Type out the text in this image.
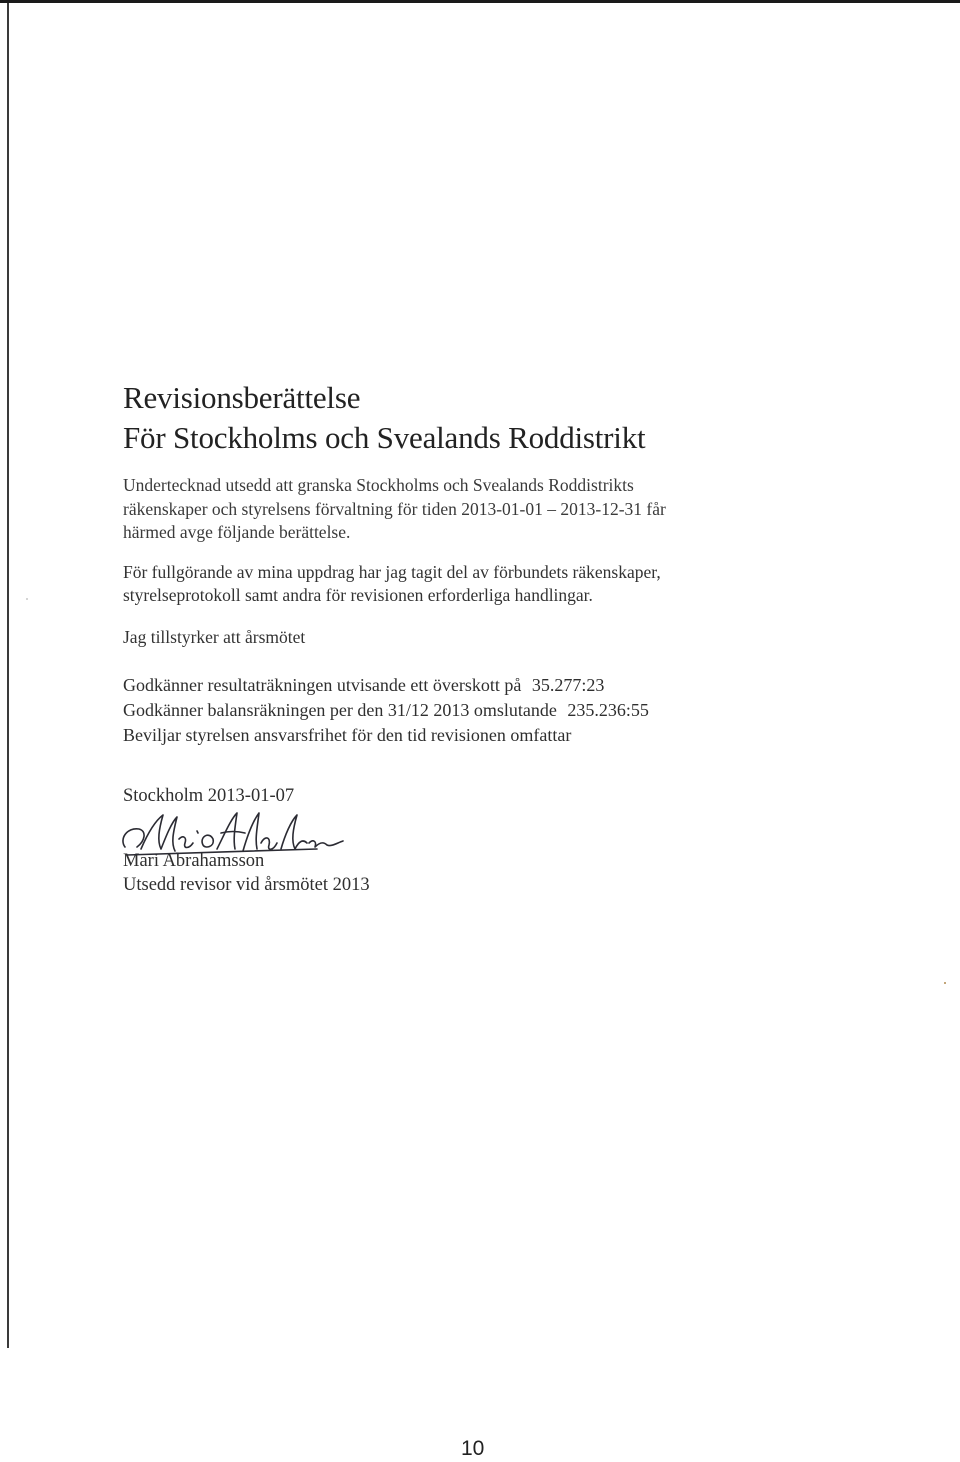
Revisionsberättelse
För Stockholms och Svealands Roddistrikt

Undertecknad utsedd att granska Stockholms och Svealands Roddistrikts
räkenskaper och styrelsens förvaltning för tiden 2013-01-01 – 2013-12-31 får
härmed avge följande berättelse.

För fullgörande av mina uppdrag har jag tagit del av förbundets räkenskaper,
styrelseprotokoll samt andra för revisionen erforderliga handlingar.

Jag tillstyrker att årsmötet

Godkänner resultaträkningen utvisande ett överskott på 35.277:23
Godkänner balansräkningen per den 31/12 2013 omslutande 235.236:55
Beviljar styrelsen ansvarsfrihet för den tid revisionen omfattar
Stockholm 2013-01-07
Mari Abrahamsson
Utsedd revisor vid årsmötet 2013
10
